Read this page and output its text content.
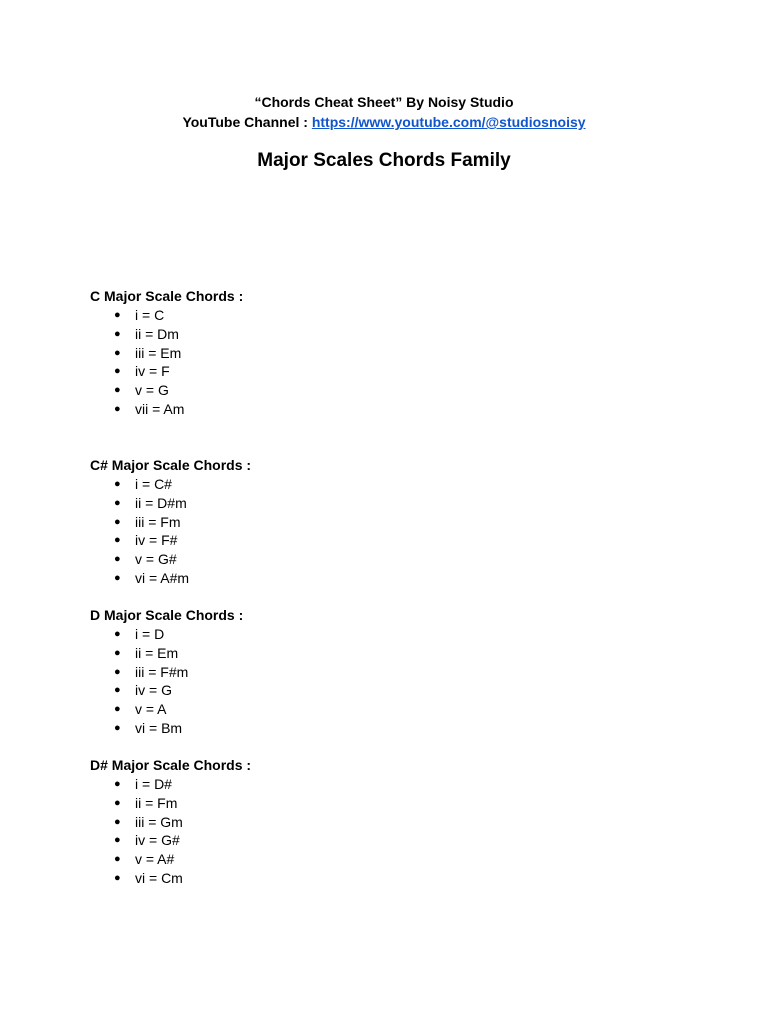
“Chords Cheat Sheet” By Noisy Studio
YouTube Channel : https://www.youtube.com/@studiosnoisy
Major Scales Chords Family
C Major Scale Chords :
● i = C
● ii = Dm
● iii = Em
● iv = F
● v = G
● vii = Am
C# Major Scale Chords :
● i = C#
● ii = D#m
● iii = Fm
● iv = F#
● v = G#
● vi = A#m
D Major Scale Chords :
● i = D
● ii = Em
● iii = F#m
● iv = G
● v = A
● vi = Bm
D# Major Scale Chords :
● i = D#
● ii = Fm
● iii = Gm
● iv = G#
● v = A#
● vi = Cm
